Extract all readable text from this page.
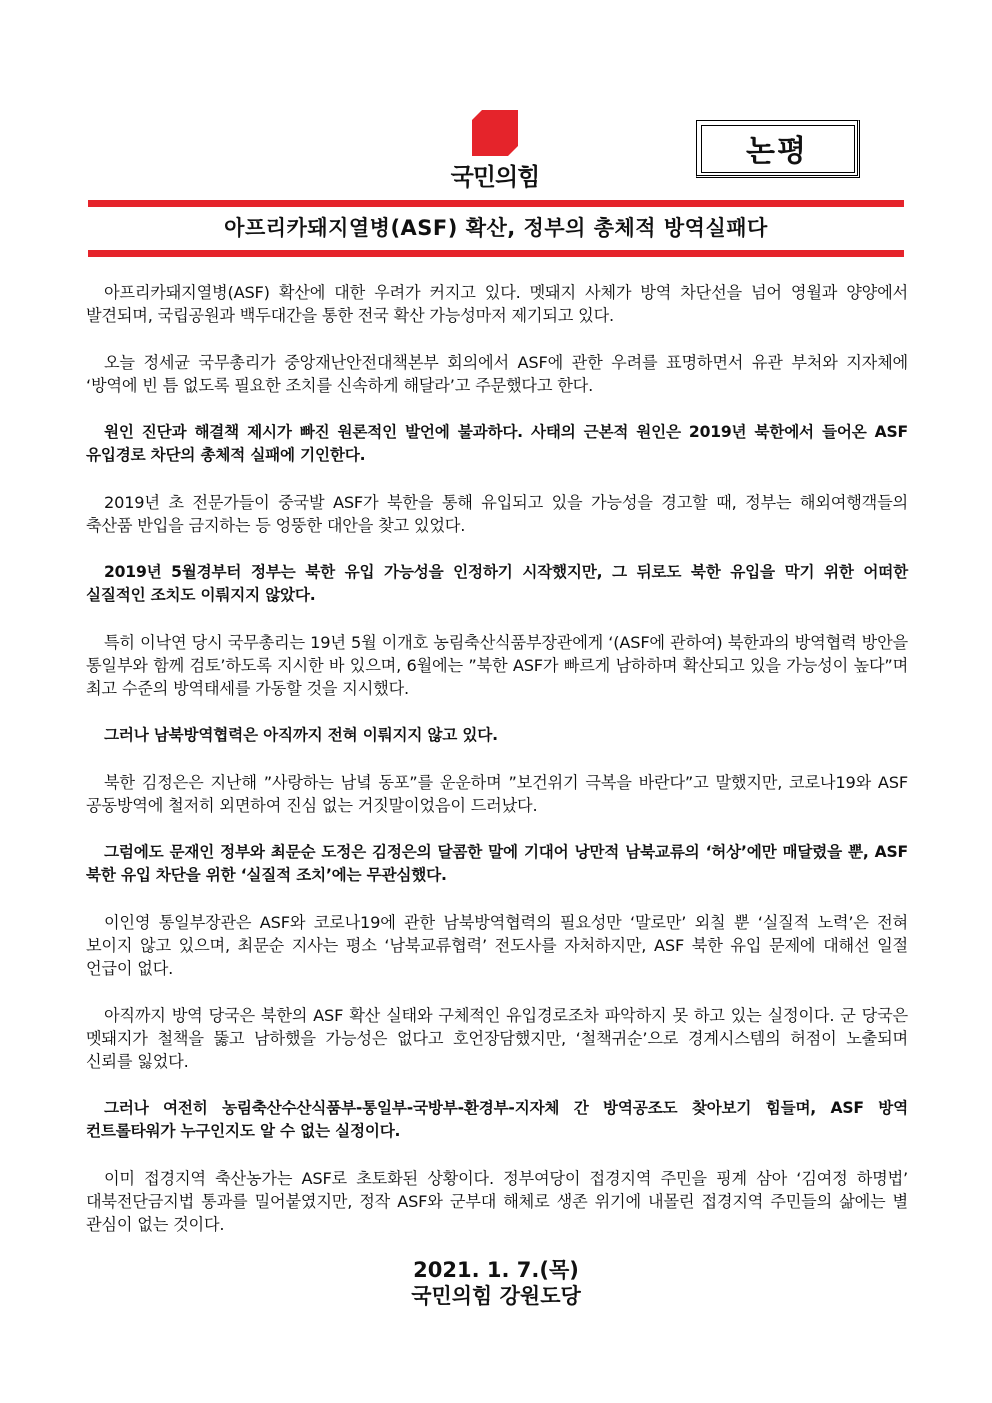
국민의힘
논평
아프리카돼지열병(ASF) 확산, 정부의 총체적 방역실패다

아프리카돼지열병(ASF) 확산에 대한 우려가 커지고 있다. 멧돼지 사체가 방역 차단선을 넘어 영월과 양양에서 발견되며, 국립공원과 백두대간을 통한 전국 확산 가능성마저 제기되고 있다.

오늘 정세균 국무총리가 중앙재난안전대책본부 회의에서 ASF에 관한 우려를 표명하면서 유관 부처와 지자체에 ‘방역에 빈 틈 없도록 필요한 조치를 신속하게 해달라’고 주문했다고 한다.

원인 진단과 해결책 제시가 빠진 원론적인 발언에 불과하다. 사태의 근본적 원인은 2019년 북한에서 들어온 ASF 유입경로 차단의 총체적 실패에 기인한다.

2019년 초 전문가들이 중국발 ASF가 북한을 통해 유입되고 있을 가능성을 경고할 때, 정부는 해외여행객들의 축산품 반입을 금지하는 등 엉뚱한 대안을 찾고 있었다.

2019년 5월경부터 정부는 북한 유입 가능성을 인정하기 시작했지만, 그 뒤로도 북한 유입을 막기 위한 어떠한 실질적인 조치도 이뤄지지 않았다.

특히 이낙연 당시 국무총리는 19년 5월 이개호 농림축산식품부장관에게 ‘(ASF에 관하여) 북한과의 방역협력 방안을 통일부와 함께 검토’하도록 지시한 바 있으며, 6월에는 ”북한 ASF가 빠르게 남하하며 확산되고 있을 가능성이 높다”며 최고 수준의 방역태세를 가동할 것을 지시했다.

그러나 남북방역협력은 아직까지 전혀 이뤄지지 않고 있다.

북한 김정은은 지난해 ”사랑하는 남녘 동포”를 운운하며 ”보건위기 극복을 바란다”고 말했지만, 코로나19와 ASF 공동방역에 철저히 외면하여 진심 없는 거짓말이었음이 드러났다.

그럼에도 문재인 정부와 최문순 도정은 김정은의 달콤한 말에 기대어 낭만적 남북교류의 ‘허상’에만 매달렸을 뿐, ASF 북한 유입 차단을 위한 ‘실질적 조치’에는 무관심했다.

이인영 통일부장관은 ASF와 코로나19에 관한 남북방역협력의 필요성만 ‘말로만’ 외칠 뿐 ‘실질적 노력’은 전혀 보이지 않고 있으며, 최문순 지사는 평소 ‘남북교류협력’ 전도사를 자처하지만, ASF 북한 유입 문제에 대해선 일절 언급이 없다.

아직까지 방역 당국은 북한의 ASF 확산 실태와 구체적인 유입경로조차 파악하지 못 하고 있는 실정이다. 군 당국은 멧돼지가 철책을 뚫고 남하했을 가능성은 없다고 호언장담했지만, ‘철책귀순’으로 경계시스템의 허점이 노출되며 신뢰를 잃었다.

그러나 여전히 농림축산수산식품부-통일부-국방부-환경부-지자체 간 방역공조도 찾아보기 힘들며, ASF 방역 컨트롤타워가 누구인지도 알 수 없는 실정이다.

이미 접경지역 축산농가는 ASF로 초토화된 상황이다. 정부여당이 접경지역 주민을 핑계 삼아 ‘김여정 하명법’ 대북전단금지법 통과를 밀어붙였지만, 정작 ASF와 군부대 해체로 생존 위기에 내몰린 접경지역 주민들의 삶에는 별 관심이 없는 것이다.

2021. 1. 7.(목)
국민의힘 강원도당
